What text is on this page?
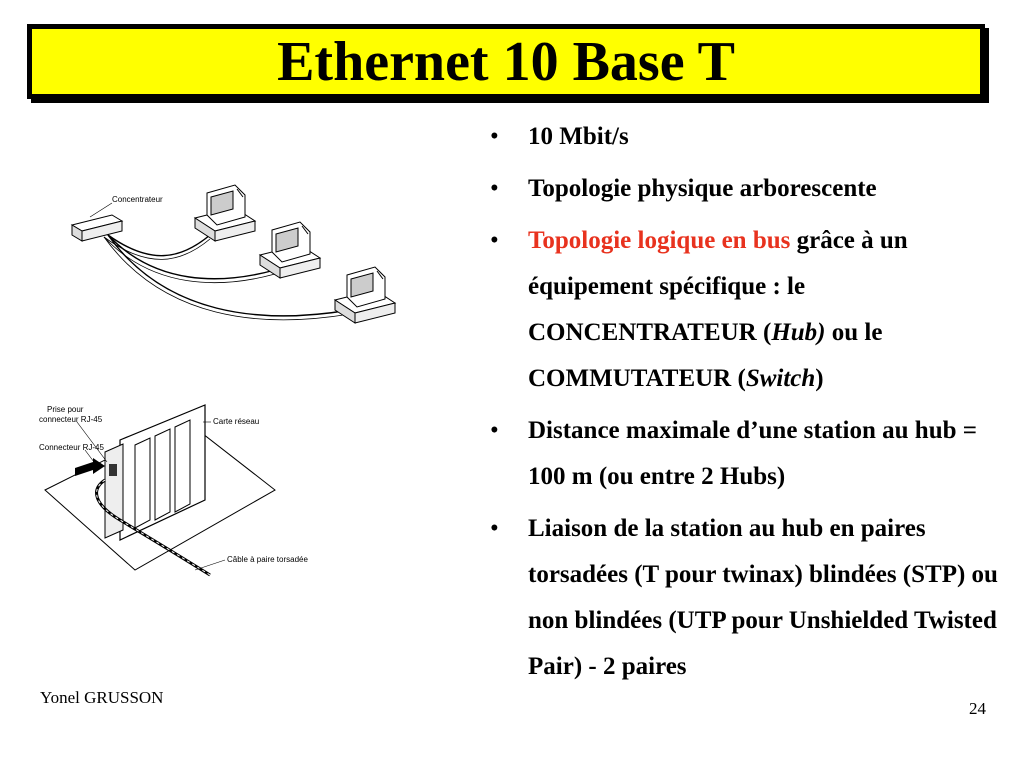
Ethernet 10 Base T
Concentrateur
Prise pour
connecteur RJ-45
Connecteur RJ-45
Carte réseau
Câble à paire torsadée
• 10 Mbit/s
• Topologie physique arborescente
• Topologie logique en bus grâce à un équipement spécifique : le CONCENTRATEUR (Hub) ou le COMMUTATEUR (Switch)
• Distance maximale d’une station au hub = 100 m (ou entre 2 Hubs)
• Liaison de la station au hub en paires torsadées (T pour twinax) blindées (STP) ou non blindées (UTP pour Unshielded Twisted Pair) - 2 paires
Yonel GRUSSON
24
